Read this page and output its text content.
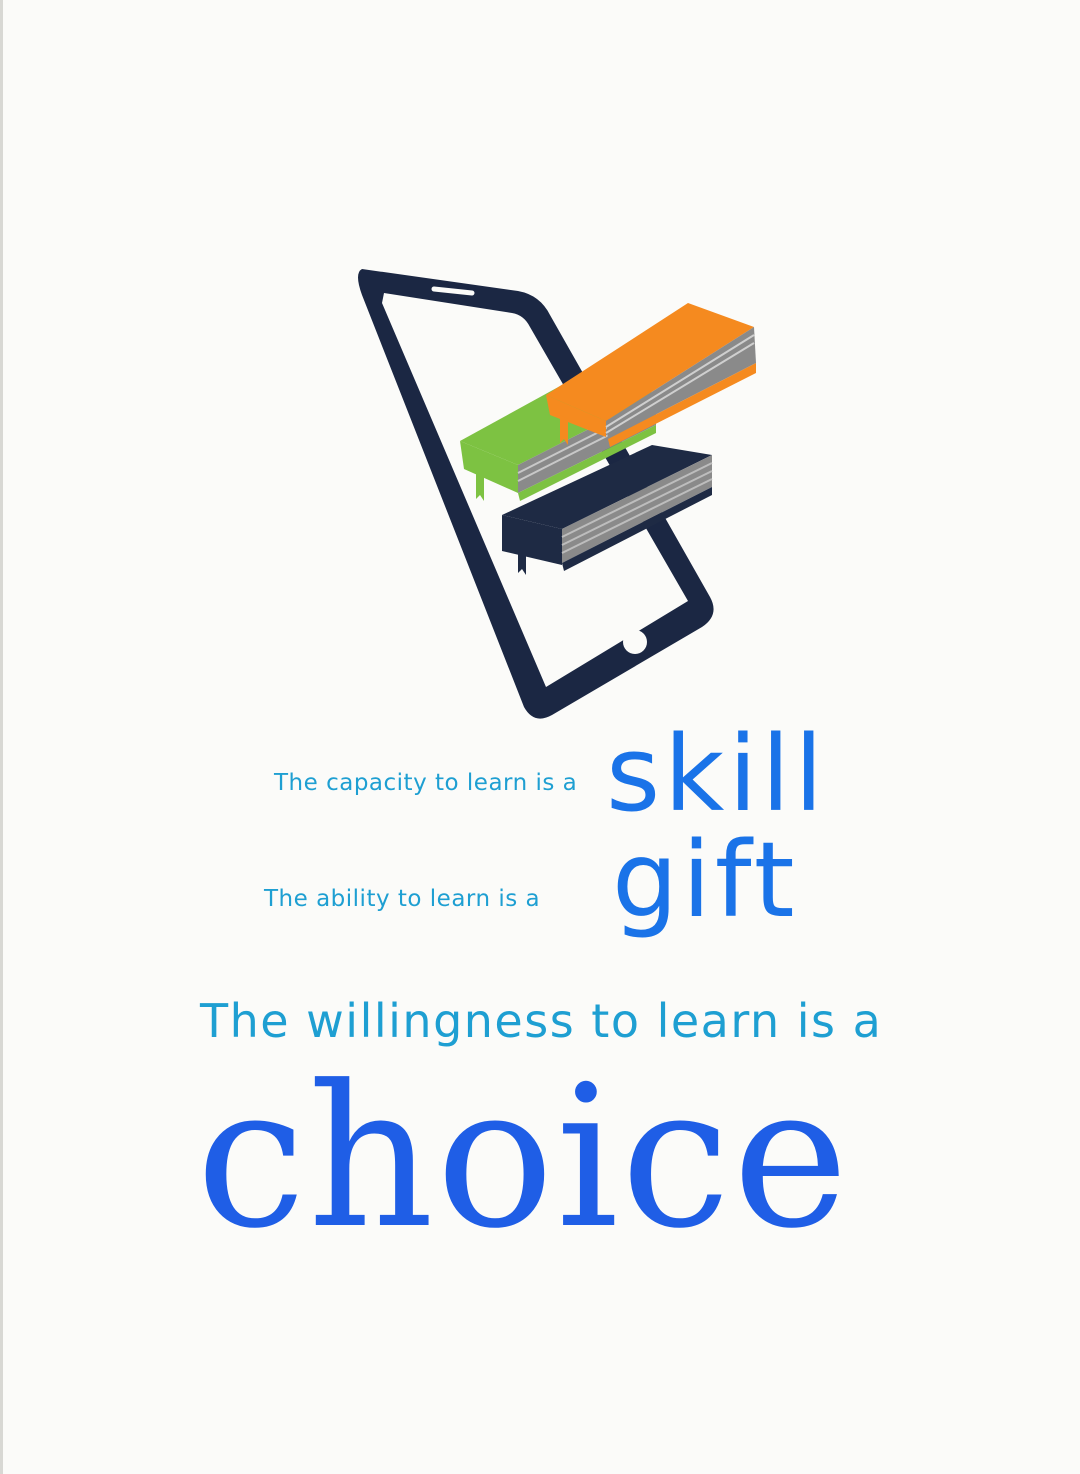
The capacity to learn is a skill
The ability to learn is a gift
The willingness to learn is a
choice
